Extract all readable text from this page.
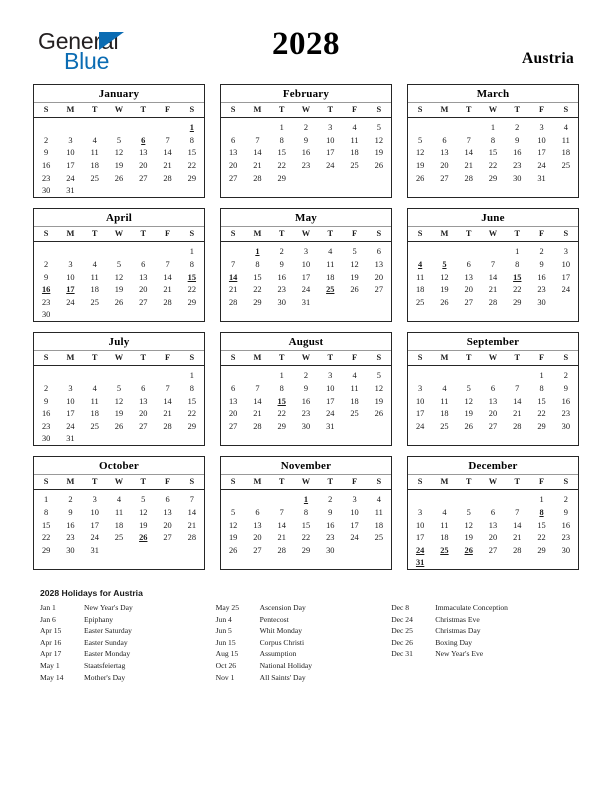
General
Blue	2028	Austria
January
S	M	T	W	T	F	S
						1
2	3	4	5	6	7	8
9	10	11	12	13	14	15
16	17	18	19	20	21	22
23	24	25	26	27	28	29
30	31					
February
S	M	T	W	T	F	S
		1	2	3	4	5
6	7	8	9	10	11	12
13	14	15	16	17	18	19
20	21	22	23	24	25	26
27	28	29				
March
S	M	T	W	T	F	S
			1	2	3	4
5	6	7	8	9	10	11
12	13	14	15	16	17	18
19	20	21	22	23	24	25
26	27	28	29	30	31	
April
S	M	T	W	T	F	S
						1
2	3	4	5	6	7	8
9	10	11	12	13	14	15
16	17	18	19	20	21	22
23	24	25	26	27	28	29
30						
May
S	M	T	W	T	F	S
	1	2	3	4	5	6
7	8	9	10	11	12	13
14	15	16	17	18	19	20
21	22	23	24	25	26	27
28	29	30	31			
June
S	M	T	W	T	F	S
				1	2	3
4	5	6	7	8	9	10
11	12	13	14	15	16	17
18	19	20	21	22	23	24
25	26	27	28	29	30	
July
S	M	T	W	T	F	S
						1
2	3	4	5	6	7	8
9	10	11	12	13	14	15
16	17	18	19	20	21	22
23	24	25	26	27	28	29
30	31					
August
S	M	T	W	T	F	S
		1	2	3	4	5
6	7	8	9	10	11	12
13	14	15	16	17	18	19
20	21	22	23	24	25	26
27	28	29	30	31		
September
S	M	T	W	T	F	S
					1	2
3	4	5	6	7	8	9
10	11	12	13	14	15	16
17	18	19	20	21	22	23
24	25	26	27	28	29	30
October
S	M	T	W	T	F	S
1	2	3	4	5	6	7
8	9	10	11	12	13	14
15	16	17	18	19	20	21
22	23	24	25	26	27	28
29	30	31				
November
S	M	T	W	T	F	S
			1	2	3	4
5	6	7	8	9	10	11
12	13	14	15	16	17	18
19	20	21	22	23	24	25
26	27	28	29	30		
December
S	M	T	W	T	F	S
					1	2
3	4	5	6	7	8	9
10	11	12	13	14	15	16
17	18	19	20	21	22	23
24	25	26	27	28	29	30
31						
2028 Holidays for Austria
Jan 1	New Year's Day
Jan 6	Epiphany
Apr 15	Easter Saturday
Apr 16	Easter Sunday
Apr 17	Easter Monday
May 1	Staatsfeiertag
May 14	Mother's Day
May 25	Ascension Day
Jun 4	Pentecost
Jun 5	Whit Monday
Jun 15	Corpus Christi
Aug 15	Assumption
Oct 26	National Holiday
Nov 1	All Saints' Day
Dec 8	Immaculate Conception
Dec 24	Christmas Eve
Dec 25	Christmas Day
Dec 26	Boxing Day
Dec 31	New Year's Eve
